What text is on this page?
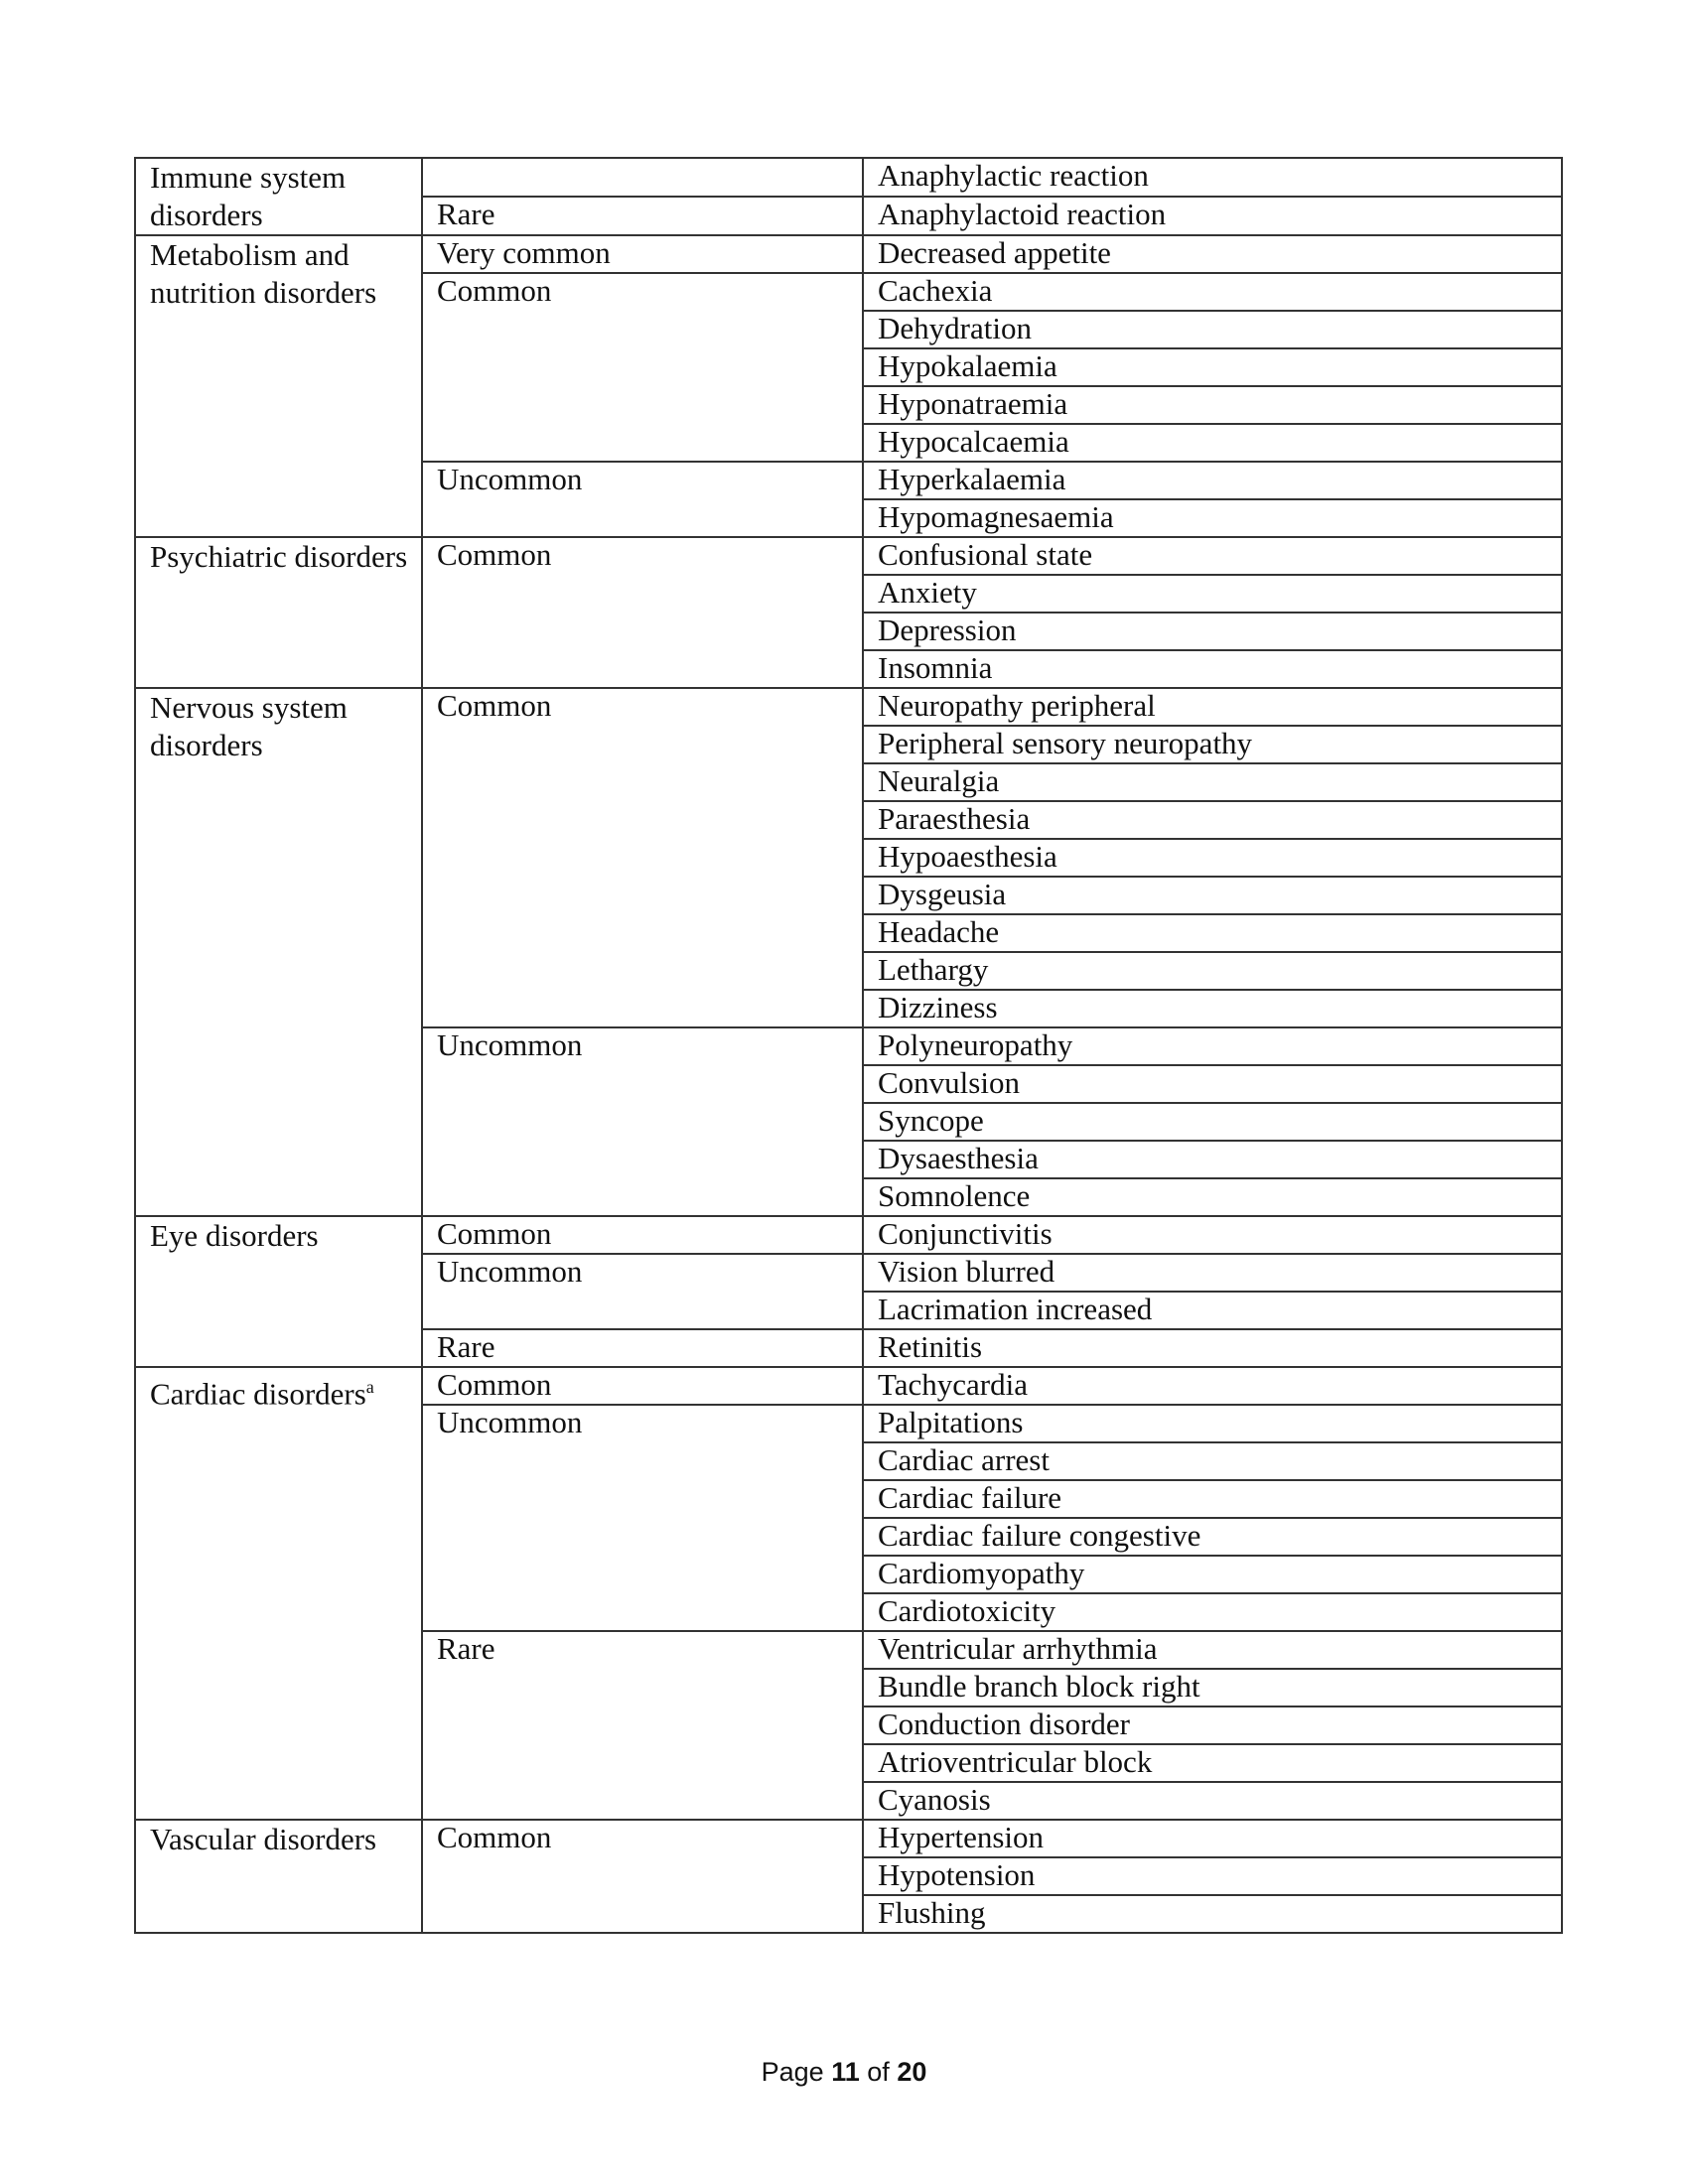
Immune system disorders		Anaphylactic reaction
	Rare	Anaphylactoid reaction
Metabolism and nutrition disorders	Very common	Decreased appetite
	Common	Cachexia
		Dehydration
		Hypokalaemia
		Hyponatraemia
		Hypocalcaemia
	Uncommon	Hyperkalaemia
		Hypomagnesaemia
Psychiatric disorders	Common	Confusional state
		Anxiety
		Depression
		Insomnia
Nervous system disorders	Common	Neuropathy peripheral
		Peripheral sensory neuropathy
		Neuralgia
		Paraesthesia
		Hypoaesthesia
		Dysgeusia
		Headache
		Lethargy
		Dizziness
	Uncommon	Polyneuropathy
		Convulsion
		Syncope
		Dysaesthesia
		Somnolence
Eye disorders	Common	Conjunctivitis
	Uncommon	Vision blurred
		Lacrimation increased
	Rare	Retinitis
Cardiac disorders$^a$	Common	Tachycardia
	Uncommon	Palpitations
		Cardiac arrest
		Cardiac failure
		Cardiac failure congestive
		Cardiomyopathy
		Cardiotoxicity
	Rare	Ventricular arrhythmia
		Bundle branch block right
		Conduction disorder
		Atrioventricular block
		Cyanosis
Vascular disorders	Common	Hypertension
		Hypotension
		Flushing
Page 11 of 20
